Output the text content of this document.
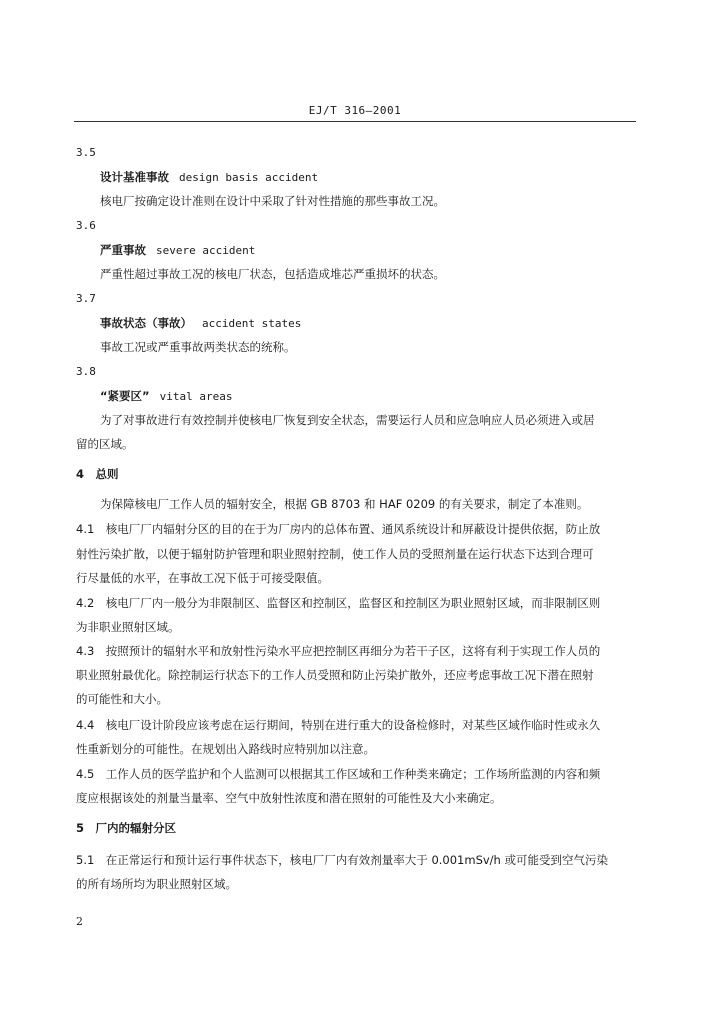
EJ/T 316—2001
3.5
设计基准事故 design basis accident
核电厂按确定设计准则在设计中采取了针对性措施的那些事故工况。
3.6
严重事故 severe accident
严重性超过事故工况的核电厂状态，包括造成堆芯严重损坏的状态。
3.7
事故状态（事故） accident states
事故工况或严重事故两类状态的统称。
3.8
“紧要区” vital areas
为了对事故进行有效控制并使核电厂恢复到安全状态，需要运行人员和应急响应人员必须进入或居
留的区域。
4　总则
为保障核电厂工作人员的辐射安全，根据 GB 8703 和 HAF 0209 的有关要求，制定了本准则。
4.1　核电厂厂内辐射分区的目的在于为厂房内的总体布置、通风系统设计和屏蔽设计提供依据，防止放
射性污染扩散，以便于辐射防护管理和职业照射控制，使工作人员的受照剂量在运行状态下达到合理可
行尽量低的水平，在事故工况下低于可接受限值。
4.2　核电厂厂内一般分为非限制区、监督区和控制区，监督区和控制区为职业照射区域，而非限制区则
为非职业照射区域。
4.3　按照预计的辐射水平和放射性污染水平应把控制区再细分为若干子区，这将有利于实现工作人员的
职业照射最优化。除控制运行状态下的工作人员受照和防止污染扩散外，还应考虑事故工况下潜在照射
的可能性和大小。
4.4　核电厂设计阶段应该考虑在运行期间，特别在进行重大的设备检修时，对某些区域作临时性或永久
性重新划分的可能性。在规划出入路线时应特别加以注意。
4.5　工作人员的医学监护和个人监测可以根据其工作区域和工作种类来确定；工作场所监测的内容和频
度应根据该处的剂量当量率、空气中放射性浓度和潜在照射的可能性及大小来确定。
5　厂内的辐射分区
5.1　在正常运行和预计运行事件状态下，核电厂厂内有效剂量率大于 0.001mSv/h 或可能受到空气污染
的所有场所均为职业照射区域。
2
